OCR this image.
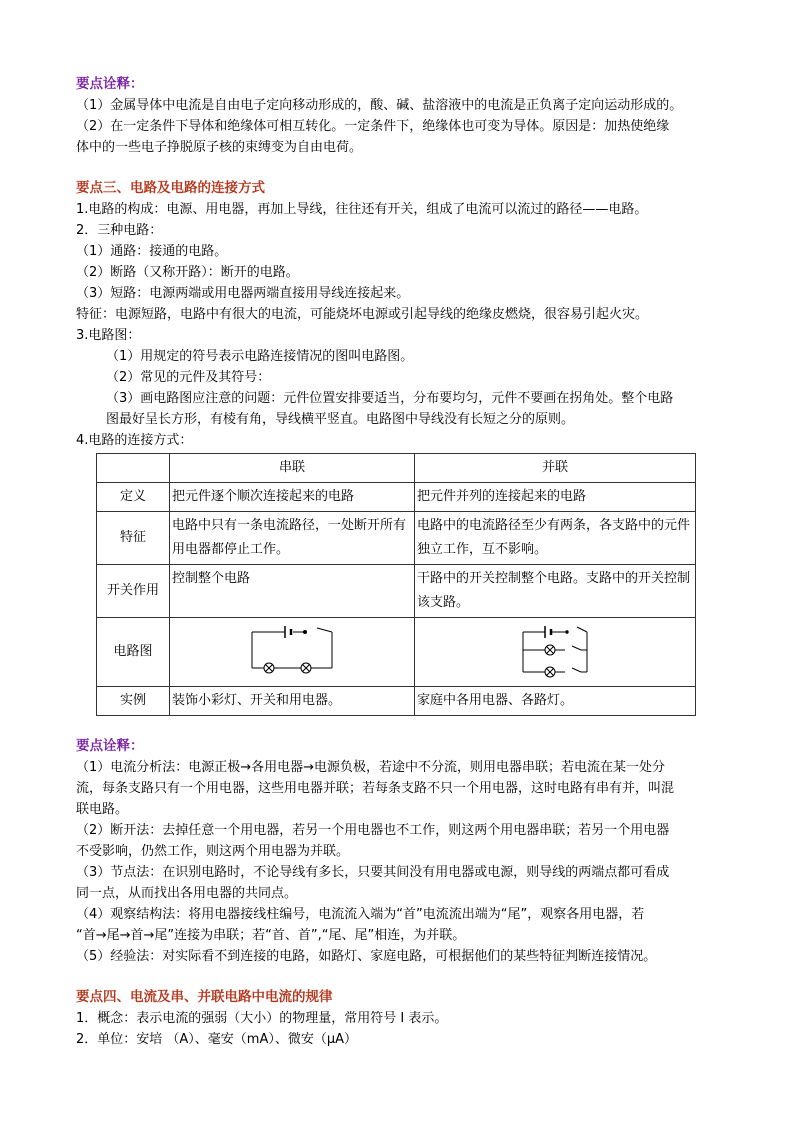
要点诠释：
（1）金属导体中电流是自由电子定向移动形成的，酸、碱、盐溶液中的电流是正负离子定向运动形成的。
（2）在一定条件下导体和绝缘体可相互转化。一定条件下，绝缘体也可变为导体。原因是：加热使绝缘
体中的一些电子挣脱原子核的束缚变为自由电荷。
要点三、电路及电路的连接方式
1.电路的构成：电源、用电器，再加上导线，往往还有开关，组成了电流可以流过的路径——电路。
2．三种电路：
（1）通路：接通的电路。
（2）断路（又称开路）：断开的电路。
（3）短路：电源两端或用电器两端直接用导线连接起来。
特征：电源短路，电路中有很大的电流，可能烧坏电源或引起导线的绝缘皮燃烧，很容易引起火灾。
3.电路图：
（1）用规定的符号表示电路连接情况的图叫电路图。
（2）常见的元件及其符号：
（3）画电路图应注意的问题：元件位置安排要适当，分布要均匀，元件不要画在拐角处。整个电路
图最好呈长方形，有棱有角，导线横平竖直。电路图中导线没有长短之分的原则。
4.电路的连接方式：
	串联	并联
定义	把元件逐个顺次连接起来的电路	把元件并列的连接起来的电路
特征	电路中只有一条电流路径，一处断开所有用电器都停止工作。	电路中的电流路径至少有两条，各支路中的元件独立工作，互不影响。
开关作用	控制整个电路	干路中的开关控制整个电路。支路中的开关控制该支路。
电路图	

实例	装饰小彩灯、开关和用电器。	家庭中各用电器、各路灯。
要点诠释：
（1）电流分析法：电源正极→各用电器→电源负极，若途中不分流，则用电器串联；若电流在某一处分
流，每条支路只有一个用电器，这些用电器并联；若每条支路不只一个用电器，这时电路有串有并，叫混
联电路。
（2）断开法：去掉任意一个用电器，若另一个用电器也不工作，则这两个用电器串联；若另一个用电器
不受影响，仍然工作，则这两个用电器为并联。
（3）节点法：在识别电路时，不论导线有多长，只要其间没有用电器或电源，则导线的两端点都可看成
同一点，从而找出各用电器的共同点。
（4）观察结构法：将用电器接线柱编号，电流流入端为“首”电流流出端为“尾”，观察各用电器，若
“首→尾→首→尾”连接为串联；若“首、首”,“尾、尾”相连，为并联。
（5）经验法：对实际看不到连接的电路，如路灯、家庭电路，可根据他们的某些特征判断连接情况。
要点四、电流及串、并联电路中电流的规律
1．概念：表示电流的强弱（大小）的物理量，常用符号 I 表示。
2．单位：安培 （A）、毫安（mA）、微安（μA）
